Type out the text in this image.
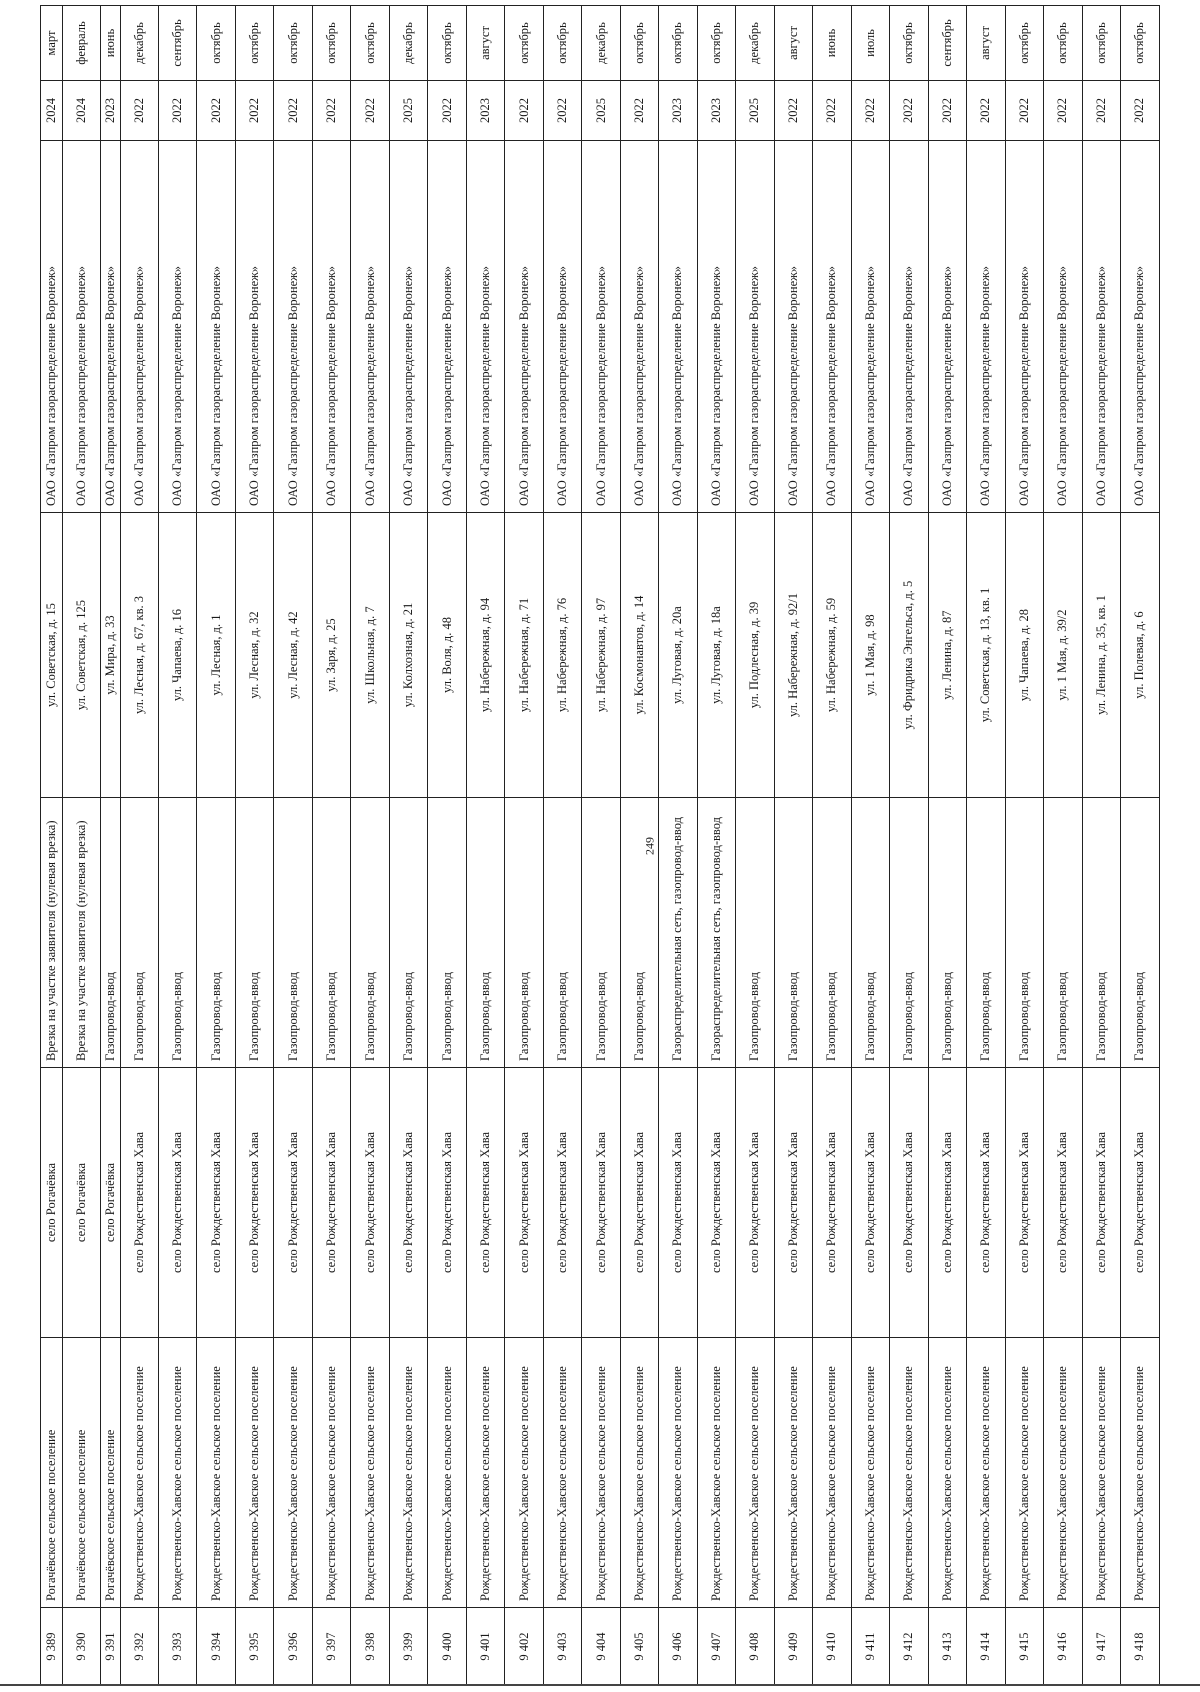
249
9 389	Рогачёвское сельское поселение	село Рогачёвка	Врезка на участке заявителя (нулевая врезка)	ул. Советская, д. 15	ОАО «Газпром газораспределение Воронеж»	2024	март
9 390	Рогачёвское сельское поселение	село Рогачёвка	Врезка на участке заявителя (нулевая врезка)	ул. Советская, д. 125	ОАО «Газпром газораспределение Воронеж»	2024	февраль
9 391	Рогачёвское сельское поселение	село Рогачёвка	Газопровод-ввод	ул. Мира, д. 33	ОАО «Газпром газораспределение Воронеж»	2023	июнь
9 392	Рождественско-Хавское сельское поселение	село Рождественская Хава	Газопровод-ввод	ул. Лесная, д. 67, кв. 3	ОАО «Газпром газораспределение Воронеж»	2022	декабрь
9 393	Рождественско-Хавское сельское поселение	село Рождественская Хава	Газопровод-ввод	ул. Чапаева, д. 16	ОАО «Газпром газораспределение Воронеж»	2022	сентябрь
9 394	Рождественско-Хавское сельское поселение	село Рождественская Хава	Газопровод-ввод	ул. Лесная, д. 1	ОАО «Газпром газораспределение Воронеж»	2022	октябрь
9 395	Рождественско-Хавское сельское поселение	село Рождественская Хава	Газопровод-ввод	ул. Лесная, д. 32	ОАО «Газпром газораспределение Воронеж»	2022	октябрь
9 396	Рождественско-Хавское сельское поселение	село Рождественская Хава	Газопровод-ввод	ул. Лесная, д. 42	ОАО «Газпром газораспределение Воронеж»	2022	октябрь
9 397	Рождественско-Хавское сельское поселение	село Рождественская Хава	Газопровод-ввод	ул. Заря, д. 25	ОАО «Газпром газораспределение Воронеж»	2022	октябрь
9 398	Рождественско-Хавское сельское поселение	село Рождественская Хава	Газопровод-ввод	ул. Школьная, д. 7	ОАО «Газпром газораспределение Воронеж»	2022	октябрь
9 399	Рождественско-Хавское сельское поселение	село Рождественская Хава	Газопровод-ввод	ул. Колхозная, д. 21	ОАО «Газпром газораспределение Воронеж»	2025	декабрь
9 400	Рождественско-Хавское сельское поселение	село Рождественская Хава	Газопровод-ввод	ул. Воля, д. 48	ОАО «Газпром газораспределение Воронеж»	2022	октябрь
9 401	Рождественско-Хавское сельское поселение	село Рождественская Хава	Газопровод-ввод	ул. Набережная, д. 94	ОАО «Газпром газораспределение Воронеж»	2023	август
9 402	Рождественско-Хавское сельское поселение	село Рождественская Хава	Газопровод-ввод	ул. Набережная, д. 71	ОАО «Газпром газораспределение Воронеж»	2022	октябрь
9 403	Рождественско-Хавское сельское поселение	село Рождественская Хава	Газопровод-ввод	ул. Набережная, д. 76	ОАО «Газпром газораспределение Воронеж»	2022	октябрь
9 404	Рождественско-Хавское сельское поселение	село Рождественская Хава	Газопровод-ввод	ул. Набережная, д. 97	ОАО «Газпром газораспределение Воронеж»	2025	декабрь
9 405	Рождественско-Хавское сельское поселение	село Рождественская Хава	Газопровод-ввод	ул. Космонавтов, д. 14	ОАО «Газпром газораспределение Воронеж»	2022	октябрь
9 406	Рождественско-Хавское сельское поселение	село Рождественская Хава	Газораспределительная сеть, газопровод-ввод	ул. Луговая, д. 20а	ОАО «Газпром газораспределение Воронеж»	2023	октябрь
9 407	Рождественско-Хавское сельское поселение	село Рождественская Хава	Газораспределительная сеть, газопровод-ввод	ул. Луговая, д. 18а	ОАО «Газпром газораспределение Воронеж»	2023	октябрь
9 408	Рождественско-Хавское сельское поселение	село Рождественская Хава	Газопровод-ввод	ул. Подлесная, д. 39	ОАО «Газпром газораспределение Воронеж»	2025	декабрь
9 409	Рождественско-Хавское сельское поселение	село Рождественская Хава	Газопровод-ввод	ул. Набережная, д. 92/1	ОАО «Газпром газораспределение Воронеж»	2022	август
9 410	Рождественско-Хавское сельское поселение	село Рождественская Хава	Газопровод-ввод	ул. Набережная, д. 59	ОАО «Газпром газораспределение Воронеж»	2022	июнь
9 411	Рождественско-Хавское сельское поселение	село Рождественская Хава	Газопровод-ввод	ул. 1 Мая, д. 98	ОАО «Газпром газораспределение Воронеж»	2022	июль
9 412	Рождественско-Хавское сельское поселение	село Рождественская Хава	Газопровод-ввод	ул. Фридрика Энгельса, д. 5	ОАО «Газпром газораспределение Воронеж»	2022	октябрь
9 413	Рождественско-Хавское сельское поселение	село Рождественская Хава	Газопровод-ввод	ул. Ленина, д. 87	ОАО «Газпром газораспределение Воронеж»	2022	сентябрь
9 414	Рождественско-Хавское сельское поселение	село Рождественская Хава	Газопровод-ввод	ул. Советская, д. 13, кв. 1	ОАО «Газпром газораспределение Воронеж»	2022	август
9 415	Рождественско-Хавское сельское поселение	село Рождественская Хава	Газопровод-ввод	ул. Чапаева, д. 28	ОАО «Газпром газораспределение Воронеж»	2022	октябрь
9 416	Рождественско-Хавское сельское поселение	село Рождественская Хава	Газопровод-ввод	ул. 1 Мая, д. 39/2	ОАО «Газпром газораспределение Воронеж»	2022	октябрь
9 417	Рождественско-Хавское сельское поселение	село Рождественская Хава	Газопровод-ввод	ул. Ленина, д. 35, кв. 1	ОАО «Газпром газораспределение Воронеж»	2022	октябрь
9 418	Рождественско-Хавское сельское поселение	село Рождественская Хава	Газопровод-ввод	ул. Полевая, д. 6	ОАО «Газпром газораспределение Воронеж»	2022	октябрь
